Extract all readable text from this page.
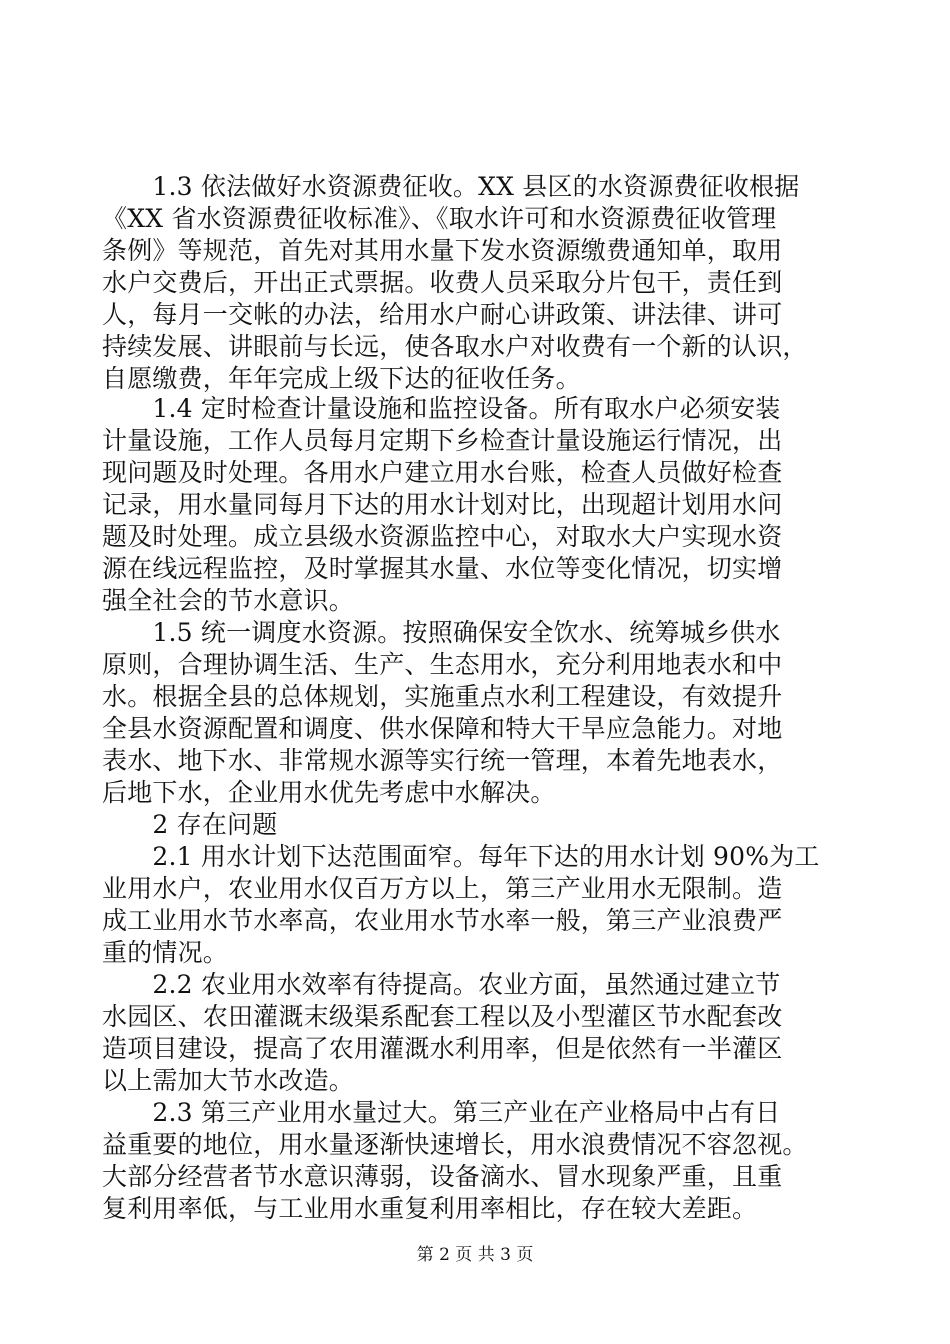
　　1.3 依法做好水资源费征收。XX 县区的水资源费征收根据
《XX 省水资源费征收标准》、《取水许可和水资源费征收管理
条例》等规范，首先对其用水量下发水资源缴费通知单，取用
水户交费后，开出正式票据。收费人员采取分片包干，责任到
人，每月一交帐的办法，给用水户耐心讲政策、讲法律、讲可
持续发展、讲眼前与长远，使各取水户对收费有一个新的认识，
自愿缴费，年年完成上级下达的征收任务。
　　1.4 定时检查计量设施和监控设备。所有取水户必须安装
计量设施，工作人员每月定期下乡检查计量设施运行情况，出
现问题及时处理。各用水户建立用水台账，检查人员做好检查
记录，用水量同每月下达的用水计划对比，出现超计划用水问
题及时处理。成立县级水资源监控中心，对取水大户实现水资
源在线远程监控，及时掌握其水量、水位等变化情况，切实增
强全社会的节水意识。
　　1.5 统一调度水资源。按照确保安全饮水、统筹城乡供水
原则，合理协调生活、生产、生态用水，充分利用地表水和中
水。根据全县的总体规划，实施重点水利工程建设，有效提升
全县水资源配置和调度、供水保障和特大干旱应急能力。对地
表水、地下水、非常规水源等实行统一管理，本着先地表水，
后地下水，企业用水优先考虑中水解决。
　　2 存在问题
　　2.1 用水计划下达范围面窄。每年下达的用水计划 90%为工
业用水户，农业用水仅百万方以上，第三产业用水无限制。造
成工业用水节水率高，农业用水节水率一般，第三产业浪费严
重的情况。
　　2.2 农业用水效率有待提高。农业方面，虽然通过建立节
水园区、农田灌溉末级渠系配套工程以及小型灌区节水配套改
造项目建设，提高了农用灌溉水利用率，但是依然有一半灌区
以上需加大节水改造。
　　2.3 第三产业用水量过大。第三产业在产业格局中占有日
益重要的地位，用水量逐渐快速增长，用水浪费情况不容忽视。
大部分经营者节水意识薄弱，设备滴水、冒水现象严重，且重
复利用率低，与工业用水重复利用率相比，存在较大差距。
第 2 页 共 3 页
